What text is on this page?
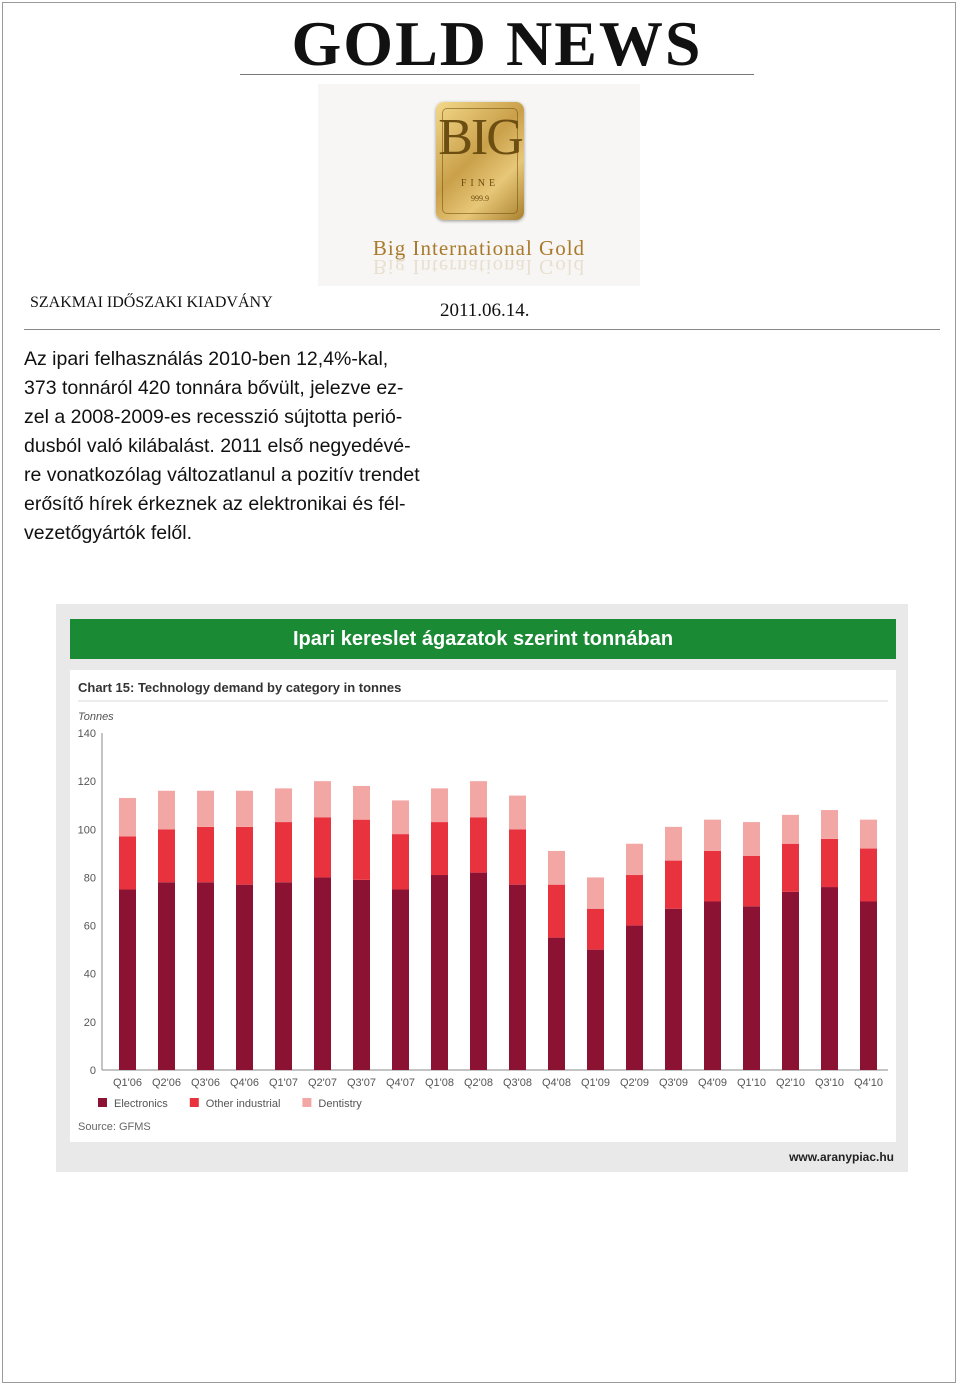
GOLD NEWS
BIG
FINE
999.9
Big International Gold
Big International Gold
SZAKMAI IDŐSZAKI KIADVÁNY	2011.06.14.

Az ipari felhasználás 2010-ben 12,4%-kal,
373 tonnáról 420 tonnára bővült, jelezve ez-
zel a 2008-2009-es recesszió sújtotta perió-
dusból való kilábalást. 2011 első negyedévé-
re vonatkozólag változatlanul a pozitív trendet
erősítő hírek érkeznek az elektronikai és fél-
vezetőgyártók felől.

Ipari kereslet ágazatok szerint tonnában
Chart 15: Technology demand by category in tonnes
Tonnes
0
20
40
60
80
100
120
140
Q1'06 Q2'06 Q3'06 Q4'06 Q1'07 Q2'07 Q3'07 Q4'07 Q1'08 Q2'08 Q3'08 Q4'08 Q1'09 Q2'09 Q3'09 Q4'09 Q1'10 Q2'10 Q3'10 Q4'10
Electronics	Other industrial	Dentistry
Source: GFMS
www.aranypiac.hu
